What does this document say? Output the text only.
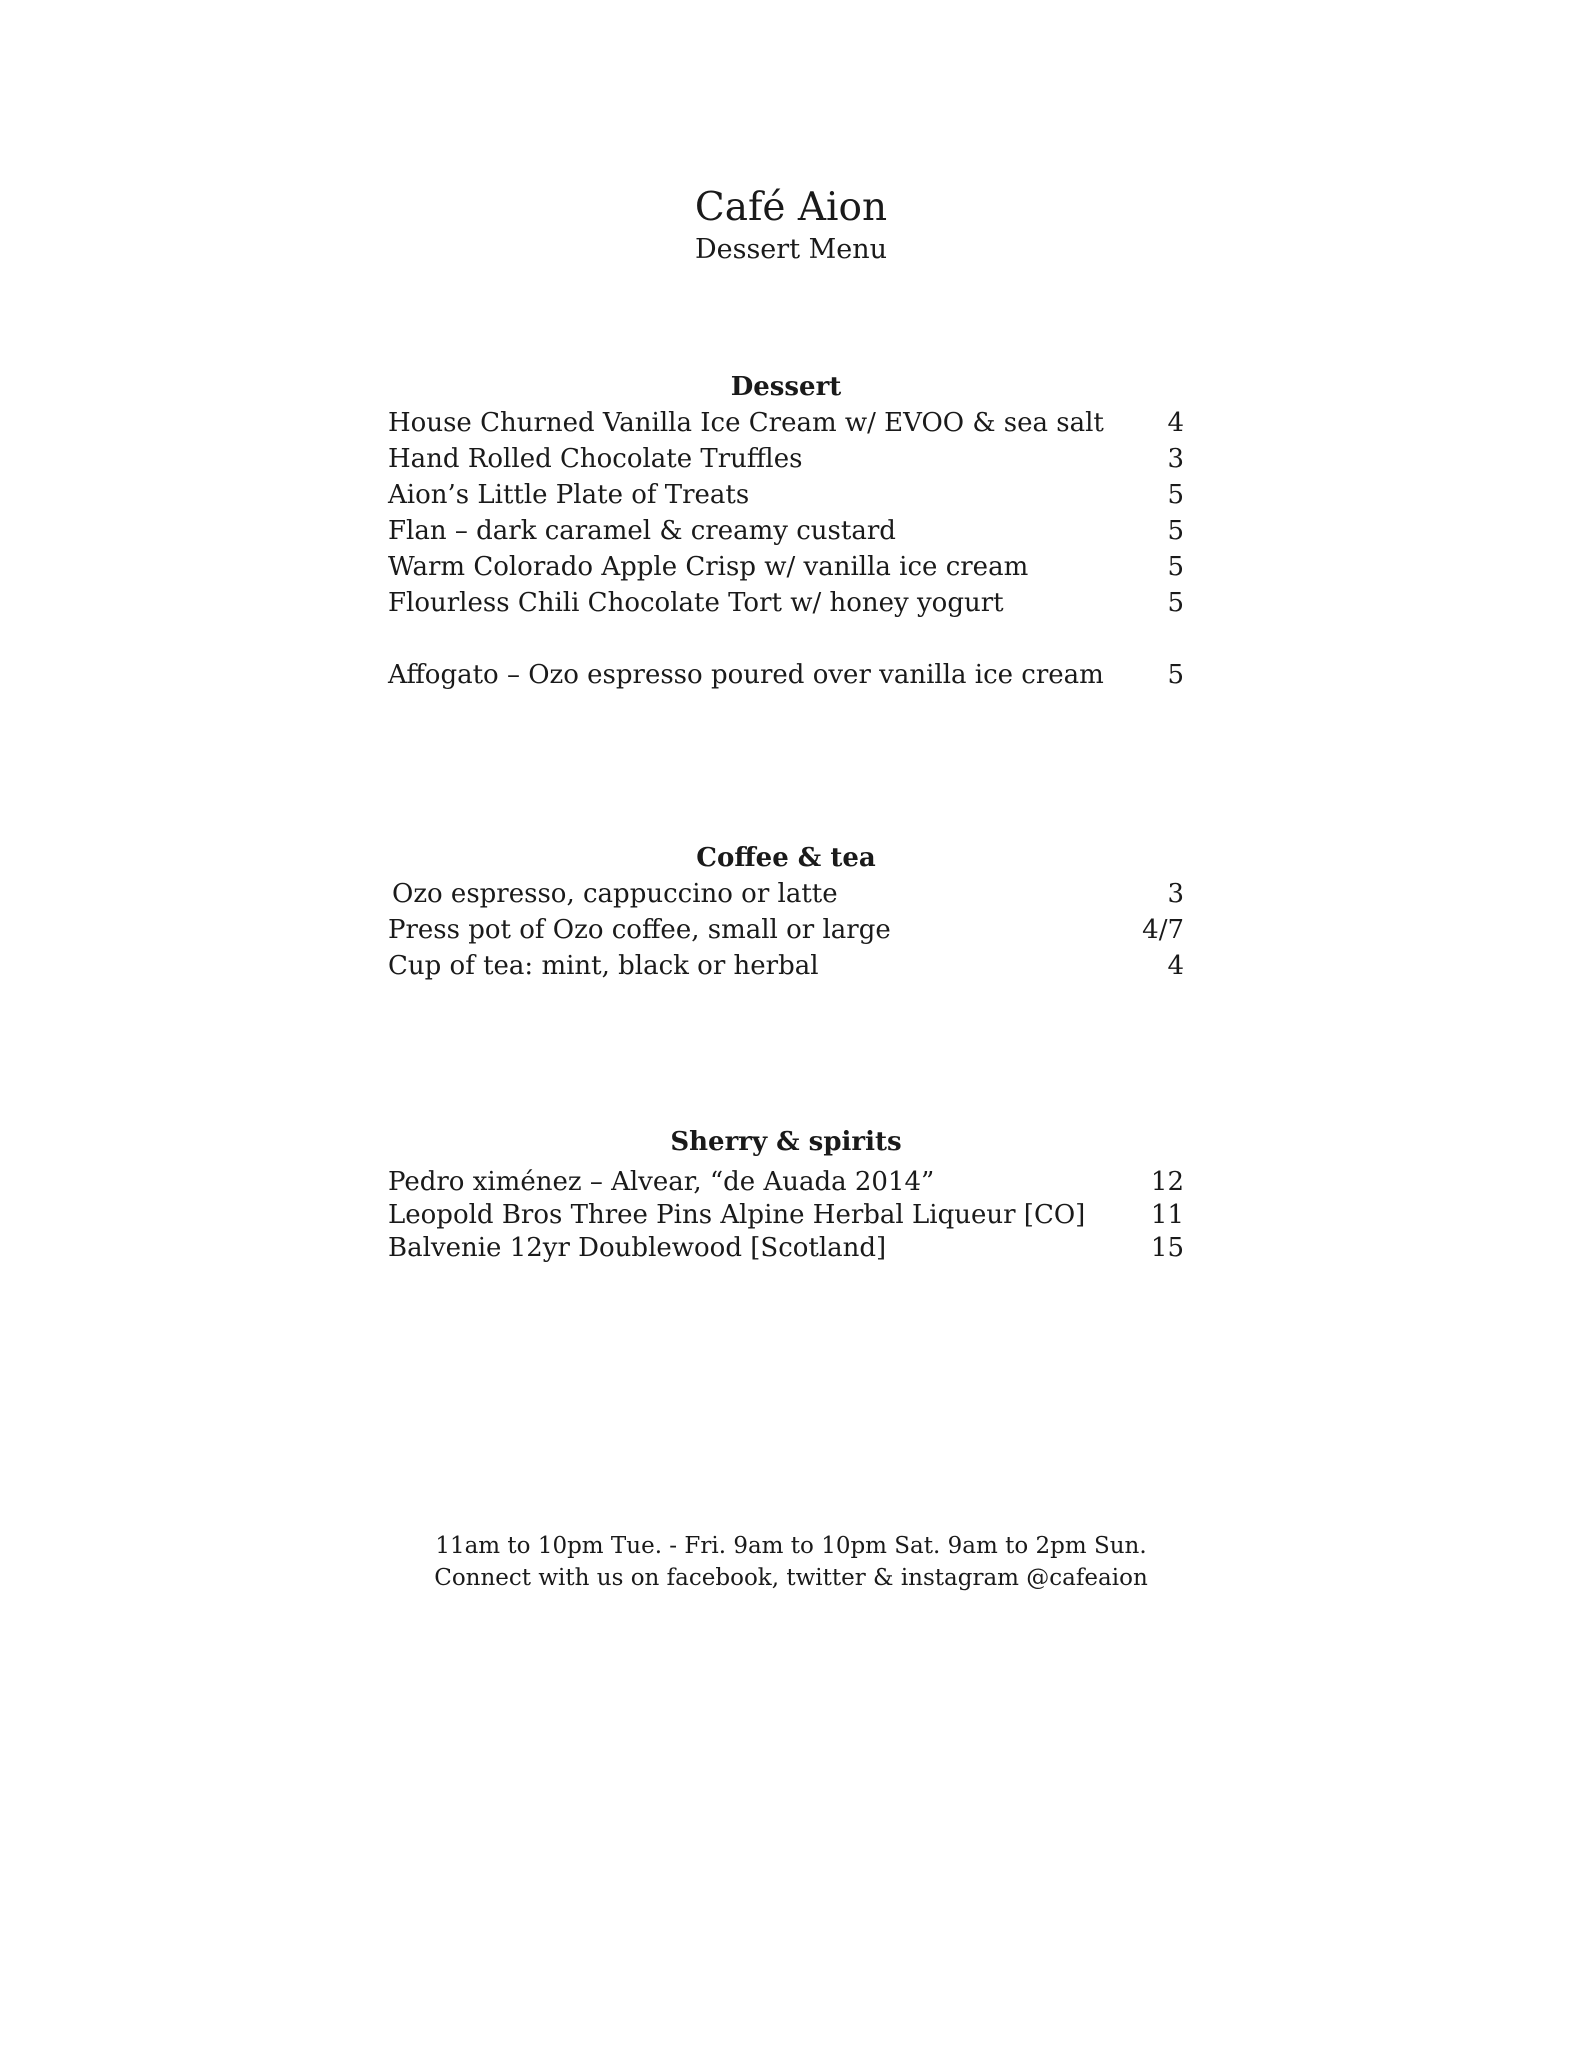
Café Aion
Dessert Menu
Dessert
House Churned Vanilla Ice Cream w/ EVOO & sea salt	4
Hand Rolled Chocolate Truffles	3
Aion’s Little Plate of Treats	5
Flan – dark caramel & creamy custard	5
Warm Colorado Apple Crisp w/ vanilla ice cream	5
Flourless Chili Chocolate Tort w/ honey yogurt	5
Affogato – Ozo espresso poured over vanilla ice cream	5
Coffee & tea
Ozo espresso, cappuccino or latte	3
Press pot of Ozo coffee, small or large	4/7
Cup of tea: mint, black or herbal	4
Sherry & spirits
Pedro ximénez – Alvear, “de Auada 2014”	12
Leopold Bros Three Pins Alpine Herbal Liqueur [CO]	11
Balvenie 12yr Doublewood [Scotland]	15
11am to 10pm Tue. - Fri. 9am to 10pm Sat. 9am to 2pm Sun.
Connect with us on facebook, twitter & instagram @cafeaion
